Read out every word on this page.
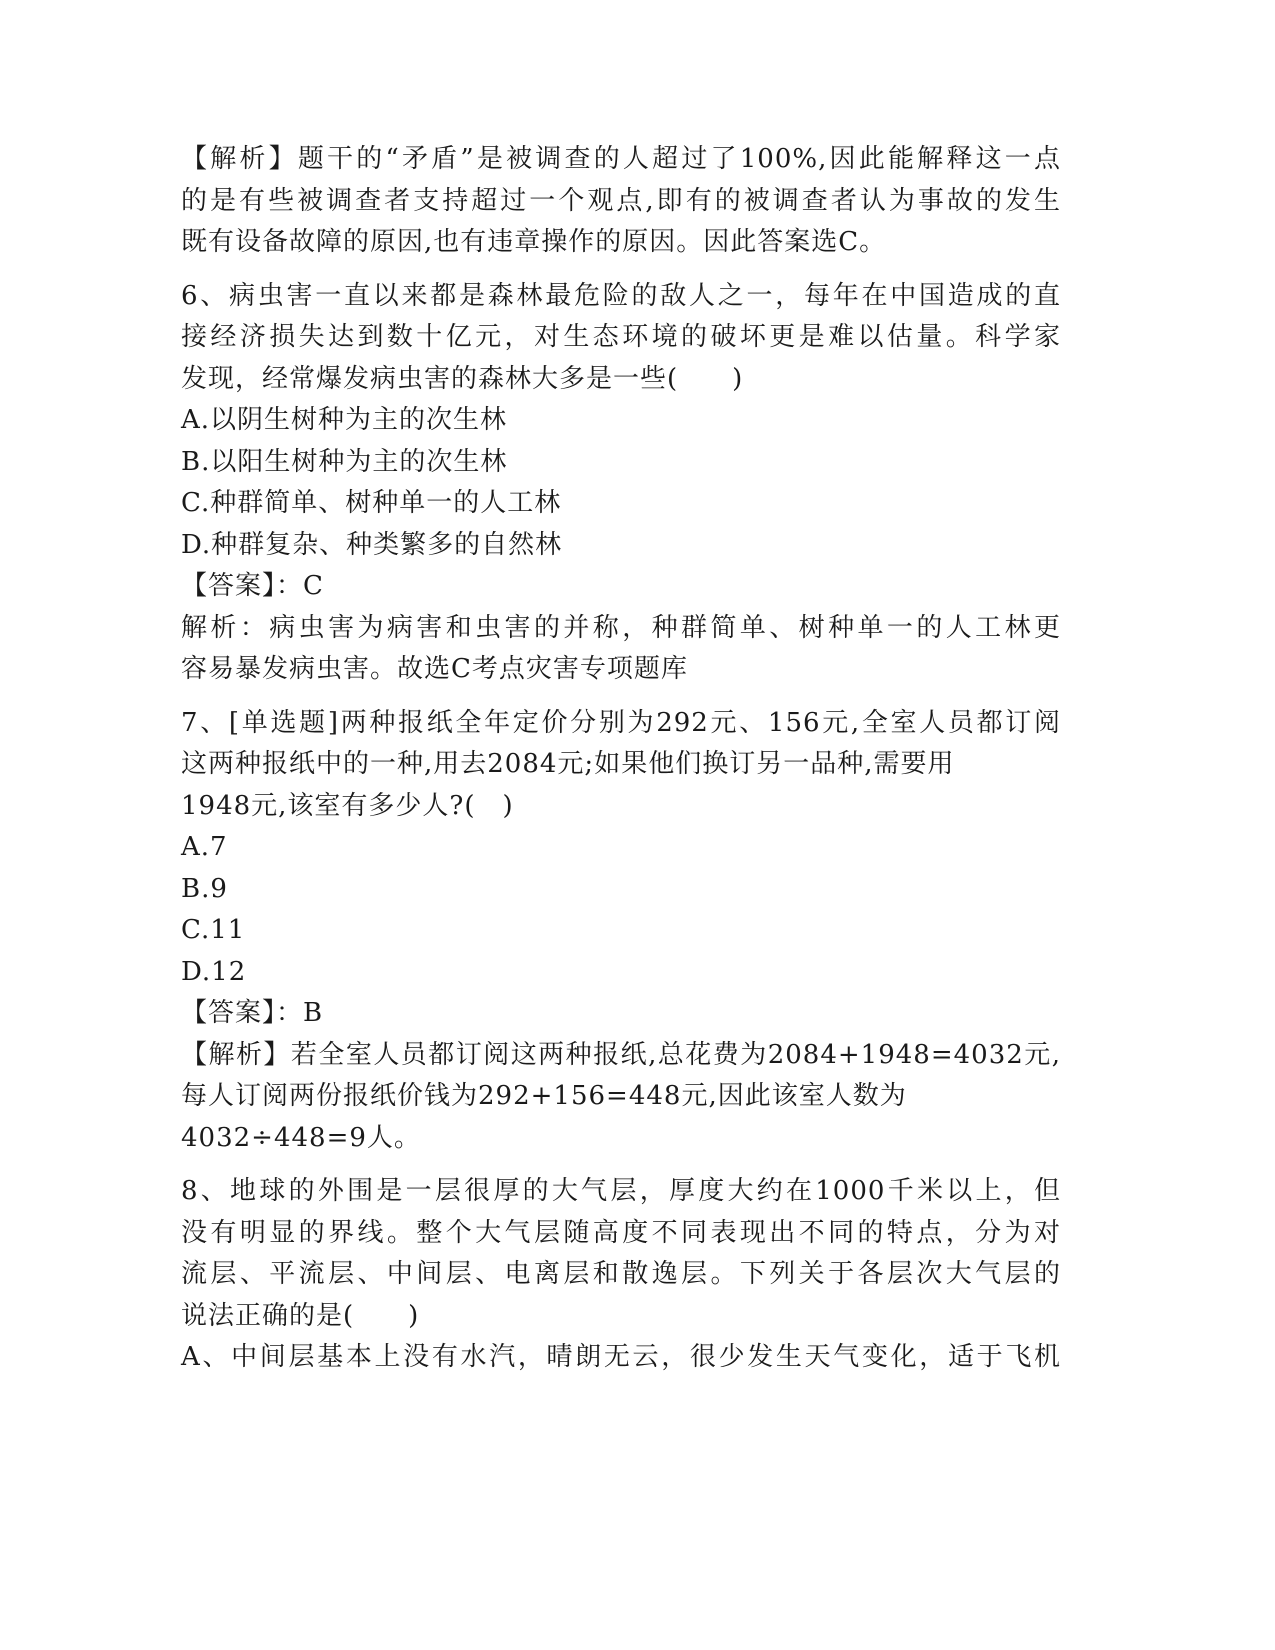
【解析】题干的“矛盾”是被调查的人超过了100%,因此能解释这一点
的是有些被调查者支持超过一个观点,即有的被调查者认为事故的发生
既有设备故障的原因,也有违章操作的原因。因此答案选C。
6、病虫害一直以来都是森林最危险的敌人之一，每年在中国造成的直
接经济损失达到数十亿元，对生态环境的破坏更是难以估量。科学家
发现，经常爆发病虫害的森林大多是一些(　　)
A.以阴生树种为主的次生林
B.以阳生树种为主的次生林
C.种群简单、树种单一的人工林
D.种群复杂、种类繁多的自然林
【答案】：C
解析：病虫害为病害和虫害的并称，种群简单、树种单一的人工林更
容易暴发病虫害。故选C考点灾害专项题库
7、[单选题]两种报纸全年定价分别为292元、156元,全室人员都订阅
这两种报纸中的一种,用去2084元;如果他们换订另一品种,需要用
1948元,该室有多少人?(　)
A.7
B.9
C.11
D.12
【答案】：B
【解析】若全室人员都订阅这两种报纸,总花费为2084+1948=4032元,
每人订阅两份报纸价钱为292+156=448元,因此该室人数为
4032÷448=9人。
8、地球的外围是一层很厚的大气层，厚度大约在1000千米以上，但
没有明显的界线。整个大气层随高度不同表现出不同的特点，分为对
流层、平流层、中间层、电离层和散逸层。下列关于各层次大气层的
说法正确的是(　　)
A、中间层基本上没有水汽，晴朗无云，很少发生天气变化，适于飞机
